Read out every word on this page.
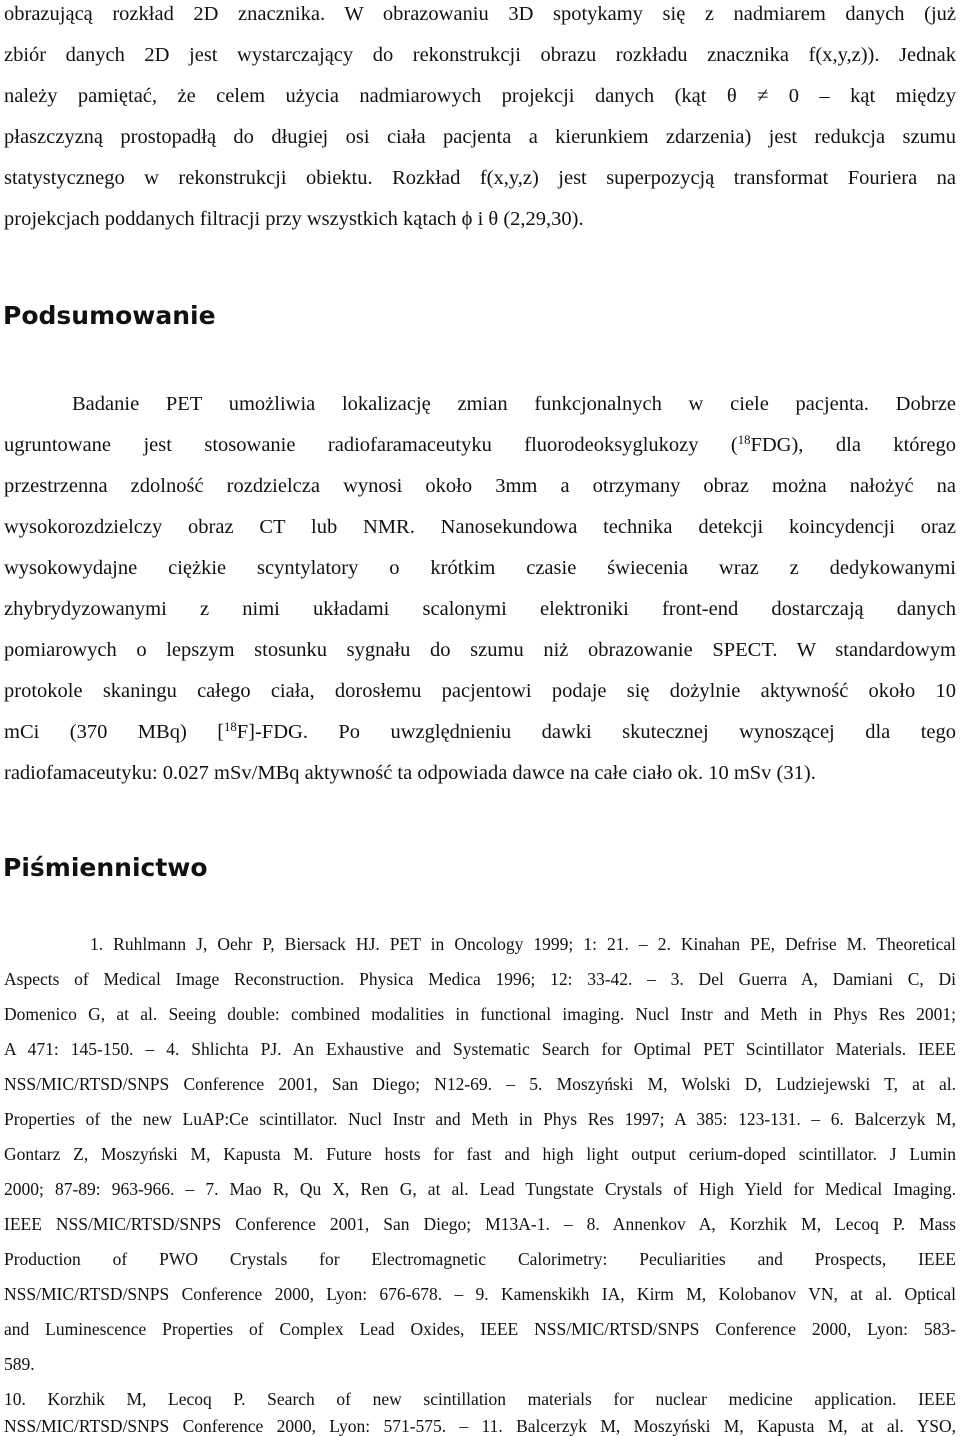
obrazującą rozkład 2D znacznika. W obrazowaniu 3D spotykamy się z nadmiarem danych (już
zbiór danych 2D jest wystarczający do rekonstrukcji obrazu rozkładu znacznika f(x,y,z)). Jednak
należy pamiętać, że celem użycia nadmiarowych projekcji danych (kąt θ ≠ 0 – kąt między
płaszczyzną prostopadłą do długiej osi ciała pacjenta a kierunkiem zdarzenia) jest redukcja szumu
statystycznego w rekonstrukcji obiektu. Rozkład f(x,y,z) jest superpozycją transformat Fouriera na
projekcjach poddanych filtracji przy wszystkich kątach ϕ i θ (2,29,30).
Podsumowanie
Badanie PET umożliwia lokalizację zmian funkcjonalnych w ciele pacjenta. Dobrze
ugruntowane jest stosowanie radiofaramaceutyku fluorodeoksyglukozy ($^{18}$FDG), dla którego
przestrzenna zdolność rozdzielcza wynosi około 3mm a otrzymany obraz można nałożyć na
wysokorozdzielczy obraz CT lub NMR. Nanosekundowa technika detekcji koincydencji oraz
wysokowydajne ciężkie scyntylatory o krótkim czasie świecenia wraz z dedykowanymi
zhybrydyzowanymi z nimi układami scalonymi elektroniki front-end dostarczają danych
pomiarowych o lepszym stosunku sygnału do szumu niż obrazowanie SPECT. W standardowym
protokole skaningu całego ciała, dorosłemu pacjentowi podaje się dożylnie aktywność około 10
mCi (370 MBq) [$^{18}$F]-FDG. Po uwzględnieniu dawki skutecznej wynoszącej dla tego
radiofamaceutyku: 0.027 mSv/MBq aktywność ta odpowiada dawce na całe ciało ok. 10 mSv (31).
Piśmiennictwo
1. Ruhlmann J, Oehr P, Biersack HJ. PET in Oncology 1999; 1: 21. – 2. Kinahan PE, Defrise M. Theoretical
Aspects of Medical Image Reconstruction. Physica Medica 1996; 12: 33-42. – 3. Del Guerra A, Damiani C, Di
Domenico G, at al. Seeing double: combined modalities in functional imaging. Nucl Instr and Meth in Phys Res 2001;
A 471: 145-150. – 4. Shlichta PJ. An Exhaustive and Systematic Search for Optimal PET Scintillator Materials. IEEE
NSS/MIC/RTSD/SNPS Conference 2001, San Diego; N12-69. – 5. Moszyński M, Wolski D, Ludziejewski T, at al.
Properties of the new LuAP:Ce scintillator. Nucl Instr and Meth in Phys Res 1997; A 385: 123-131. – 6. Balcerzyk M,
Gontarz Z, Moszyński M, Kapusta M. Future hosts for fast and high light output cerium-doped scintillator. J Lumin
2000; 87-89: 963-966. – 7. Mao R, Qu X, Ren G, at al. Lead Tungstate Crystals of High Yield for Medical Imaging.
IEEE NSS/MIC/RTSD/SNPS Conference 2001, San Diego; M13A-1. – 8. Annenkov A, Korzhik M, Lecoq P. Mass
Production of PWO Crystals for Electromagnetic Calorimetry: Peculiarities and Prospects, IEEE
NSS/MIC/RTSD/SNPS Conference 2000, Lyon: 676-678. – 9. Kamenskikh IA, Kirm M, Kolobanov VN, at al. Optical
and Luminescence Properties of Complex Lead Oxides, IEEE NSS/MIC/RTSD/SNPS Conference 2000, Lyon: 583-
589.
10. Korzhik M, Lecoq P. Search of new scintillation materials for nuclear medicine application. IEEE
NSS/MIC/RTSD/SNPS Conference 2000, Lyon: 571-575. – 11. Balcerzyk M, Moszyński M, Kapusta M, at al. YSO,
